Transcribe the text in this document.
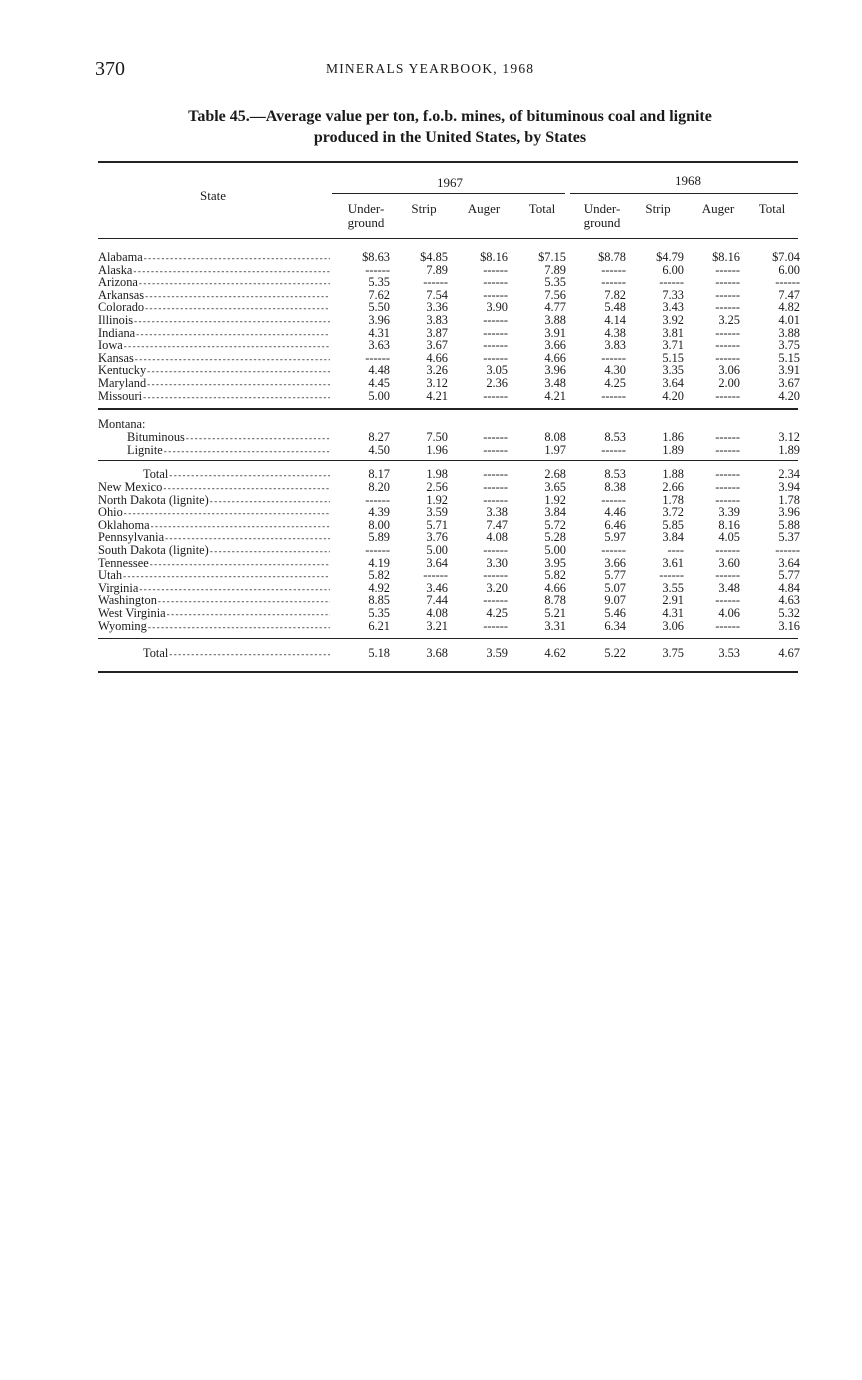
370	MINERALS YEARBOOK, 1968
Table 45.—Average value per ton, f.o.b. mines, of bituminous coal and lignite
produced in the United States, by States
State
1967	1968
Under-
ground
Strip	Auger	Total	Under-
ground
Strip	Auger	Total
Alabama -----	$8.63	$4.85	$8.16	$7.15	$8.78	$4.79	$8.16	$7.04
Alaska -----	------	7.89	------	7.89	------	6.00	------	6.00
Arizona -----	5.35	------	------	5.35	------	------	------	------
Arkansas -----	7.62	7.54	------	7.56	7.82	7.33	------	7.47
Colorado -----	5.50	3.36	3.90	4.77	5.48	3.43	------	4.82
Illinois -----	3.96	3.83	------	3.88	4.14	3.92	3.25	4.01
Indiana -----	4.31	3.87	------	3.91	4.38	3.81	------	3.88
Iowa -----	3.63	3.67	------	3.66	3.83	3.71	------	3.75
Kansas -----	------	4.66	------	4.66	------	5.15	------	5.15
Kentucky -----	4.48	3.26	3.05	3.96	4.30	3.35	3.06	3.91
Maryland -----	4.45	3.12	2.36	3.48	4.25	3.64	2.00	3.67
Missouri -----	5.00	4.21	------	4.21	------	4.20	------	4.20
Montana:
Bituminous -----	8.27	7.50	------	8.08	8.53	1.86	------	3.12
Lignite -----	4.50	1.96	------	1.97	------	1.89	------	1.89
Total -----	8.17	1.98	------	2.68	8.53	1.88	------	2.34
New Mexico -----	8.20	2.56	------	3.65	8.38	2.66	------	3.94
North Dakota (lignite) -----	------	1.92	------	1.92	------	1.78	------	1.78
Ohio -----	4.39	3.59	3.38	3.84	4.46	3.72	3.39	3.96
Oklahoma -----	8.00	5.71	7.47	5.72	6.46	5.85	8.16	5.88
Pennsylvania -----	5.89	3.76	4.08	5.28	5.97	3.84	4.05	5.37
South Dakota (lignite) -----	------	5.00	------	5.00	------	----	------	------
Tennessee -----	4.19	3.64	3.30	3.95	3.66	3.61	3.60	3.64
Utah -----	5.82	------	------	5.82	5.77	------	------	5.77
Virginia -----	4.92	3.46	3.20	4.66	5.07	3.55	3.48	4.84
Washington -----	8.85	7.44	------	8.78	9.07	2.91	------	4.63
West Virginia -----	5.35	4.08	4.25	5.21	5.46	4.31	4.06	5.32
Wyoming -----	6.21	3.21	------	3.31	6.34	3.06	------	3.16
Total -----	5.18	3.68	3.59	4.62	5.22	3.75	3.53	4.67
